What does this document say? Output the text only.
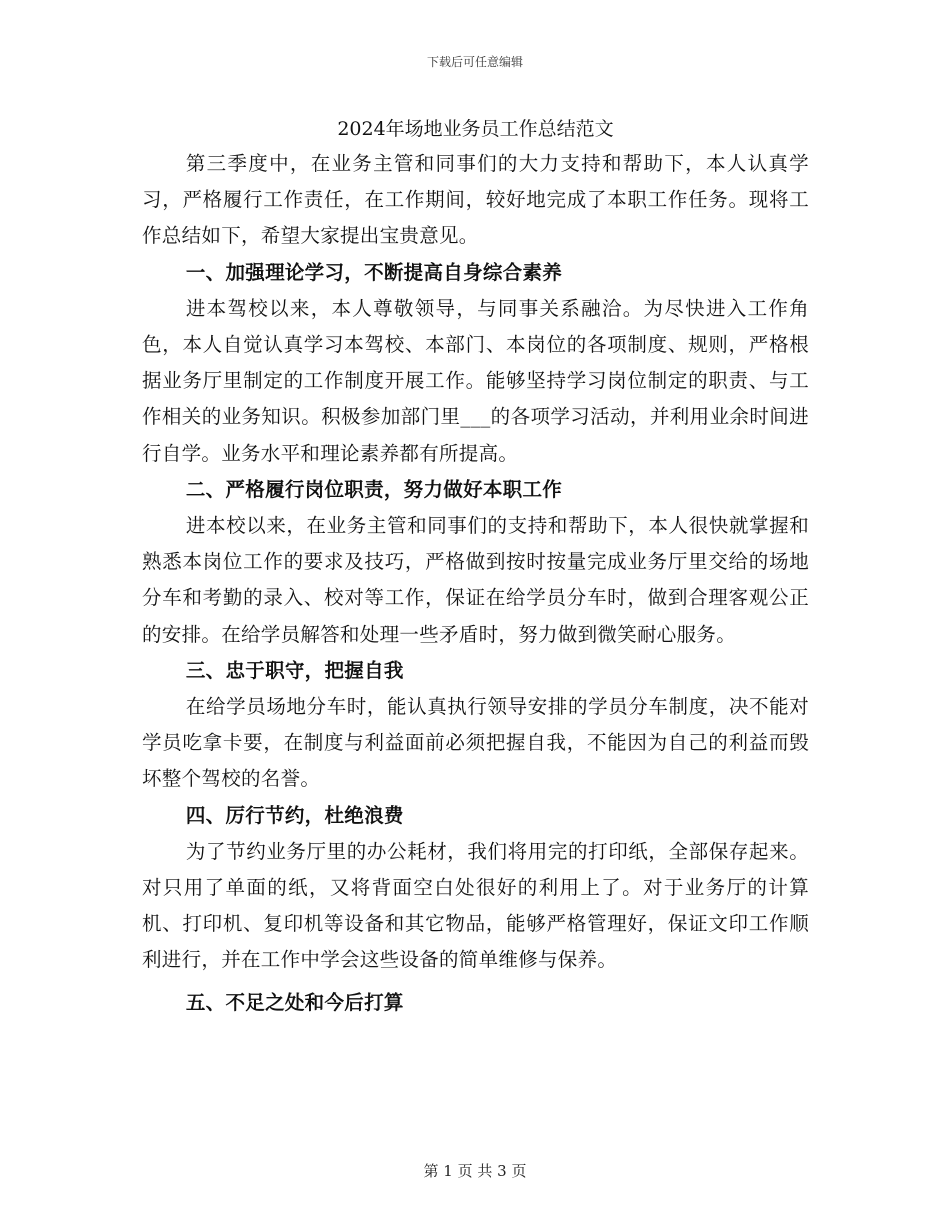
下载后可任意编辑
2024年场地业务员工作总结范文

第三季度中，在业务主管和同事们的大力支持和帮助下，本人认真学习，严格履行工作责任，在工作期间，较好地完成了本职工作任务。现将工作总结如下，希望大家提出宝贵意见。

一、加强理论学习，不断提高自身综合素养

进本驾校以来，本人尊敬领导，与同事关系融洽。为尽快进入工作角色，本人自觉认真学习本驾校、本部门、本岗位的各项制度、规则，严格根据业务厅里制定的工作制度开展工作。能够坚持学习岗位制定的职责、与工作相关的业务知识。积极参加部门里___的各项学习活动，并利用业余时间进行自学。业务水平和理论素养都有所提高。

二、严格履行岗位职责，努力做好本职工作

进本校以来，在业务主管和同事们的支持和帮助下，本人很快就掌握和熟悉本岗位工作的要求及技巧，严格做到按时按量完成业务厅里交给的场地分车和考勤的录入、校对等工作，保证在给学员分车时，做到合理客观公正的安排。在给学员解答和处理一些矛盾时，努力做到微笑耐心服务。

三、忠于职守，把握自我

在给学员场地分车时，能认真执行领导安排的学员分车制度，决不能对学员吃拿卡要，在制度与利益面前必须把握自我，不能因为自己的利益而毁坏整个驾校的名誉。

四、厉行节约，杜绝浪费

为了节约业务厅里的办公耗材，我们将用完的打印纸，全部保存起来。对只用了单面的纸，又将背面空白处很好的利用上了。对于业务厅的计算机、打印机、复印机等设备和其它物品，能够严格管理好，保证文印工作顺利进行，并在工作中学会这些设备的简单维修与保养。

五、不足之处和今后打算

第 1 页 共 3 页
